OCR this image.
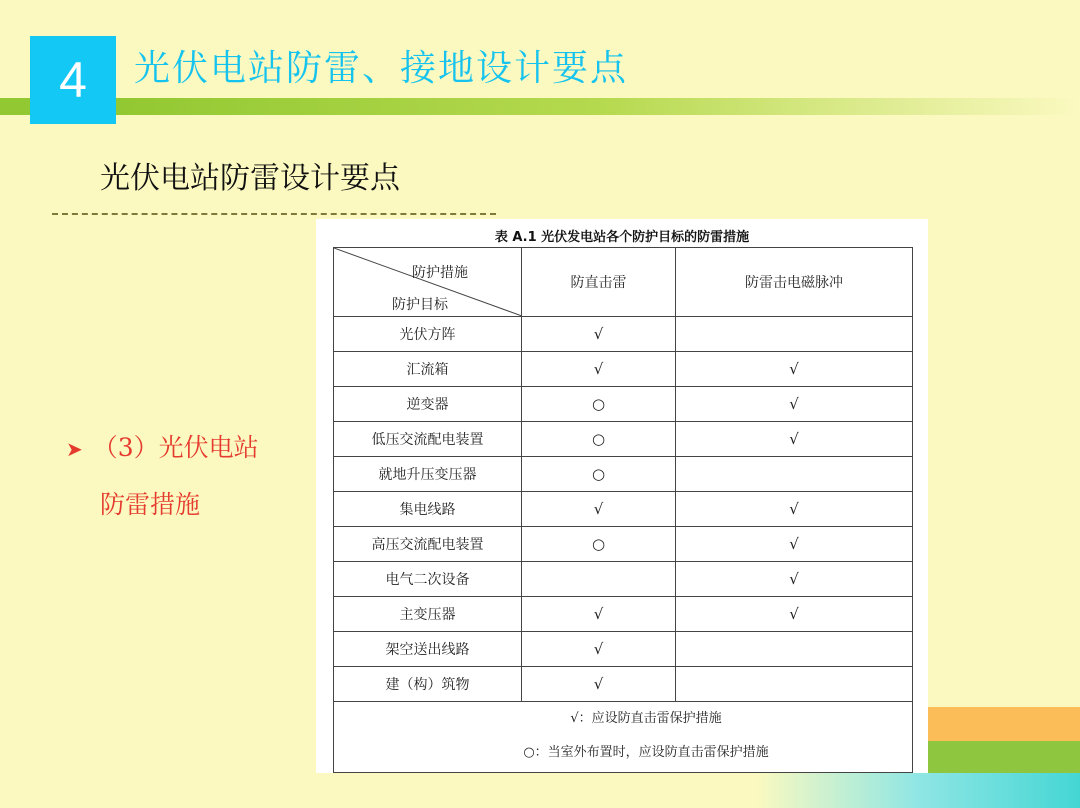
4	光伏电站防雷、接地设计要点
光伏电站防雷设计要点
➤ （3）光伏电站
防雷措施
表 A.1 光伏发电站各个防护目标的防雷措施
防护措施
防护目标	防直击雷	防雷击电磁脉冲
光伏方阵	√	
汇流箱	√	√
逆变器	○	√
低压交流配电装置	○	√
就地升压变压器	○	
集电线路	√	√
高压交流配电装置	○	√
电气二次设备		√
主变压器	√	√
架空送出线路	√	
建（构）筑物	√	

√：应设防直击雷保护措施
○：当室外布置时，应设防直击雷保护措施		
